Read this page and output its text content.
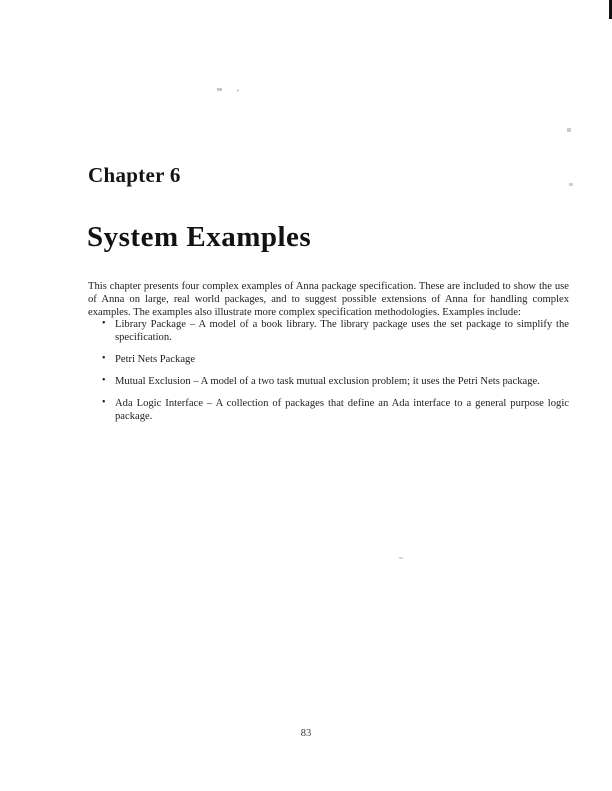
Chapter 6
System Examples

This chapter presents four complex examples of Anna package specification. These are included to show the use of Anna on large, real world packages, and to suggest possible extensions of Anna for handling complex examples. The examples also illustrate more complex specification methodologies. Examples include:

• Library Package – A model of a book library. The library package uses the set package to simplify the specification.
• Petri Nets Package
• Mutual Exclusion – A model of a two task mutual exclusion problem; it uses the Petri Nets package.
• Ada Logic Interface – A collection of packages that define an Ada interface to a general purpose logic package.
83
